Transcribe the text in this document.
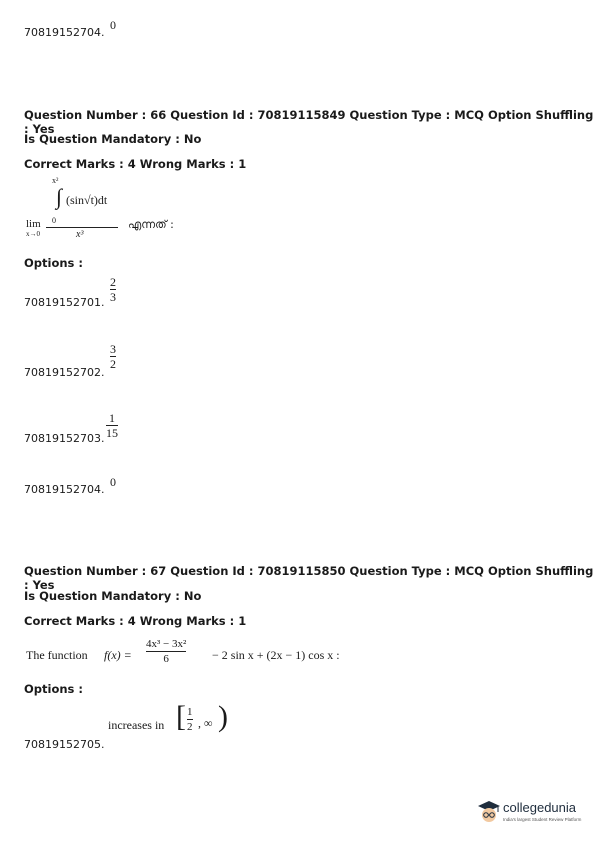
70819152704.
0
Question Number : 66 Question Id : 70819115849 Question Type : MCQ Option Shuffling : Yes
Is Question Mandatory : No
Correct Marks : 4 Wrong Marks : 1
x²
∫ (sin√t)dt
0
lim
x→0	x³
എന്നത് :
Options :
70819152701.
2
3
70819152702.
3
2
70819152703.
1
15
70819152704.
0
Question Number : 67 Question Id : 70819115850 Question Type : MCQ Option Shuffling : Yes
Is Question Mandatory : No
Correct Marks : 4 Wrong Marks : 1
The function f(x) =
4x³ − 3x²
6	− 2 sin x + (2x − 1) cos x :
Options :
increases in [ 1
2 , ∞ )
70819152705.
collegedunia
India's largest Student Review Platform
